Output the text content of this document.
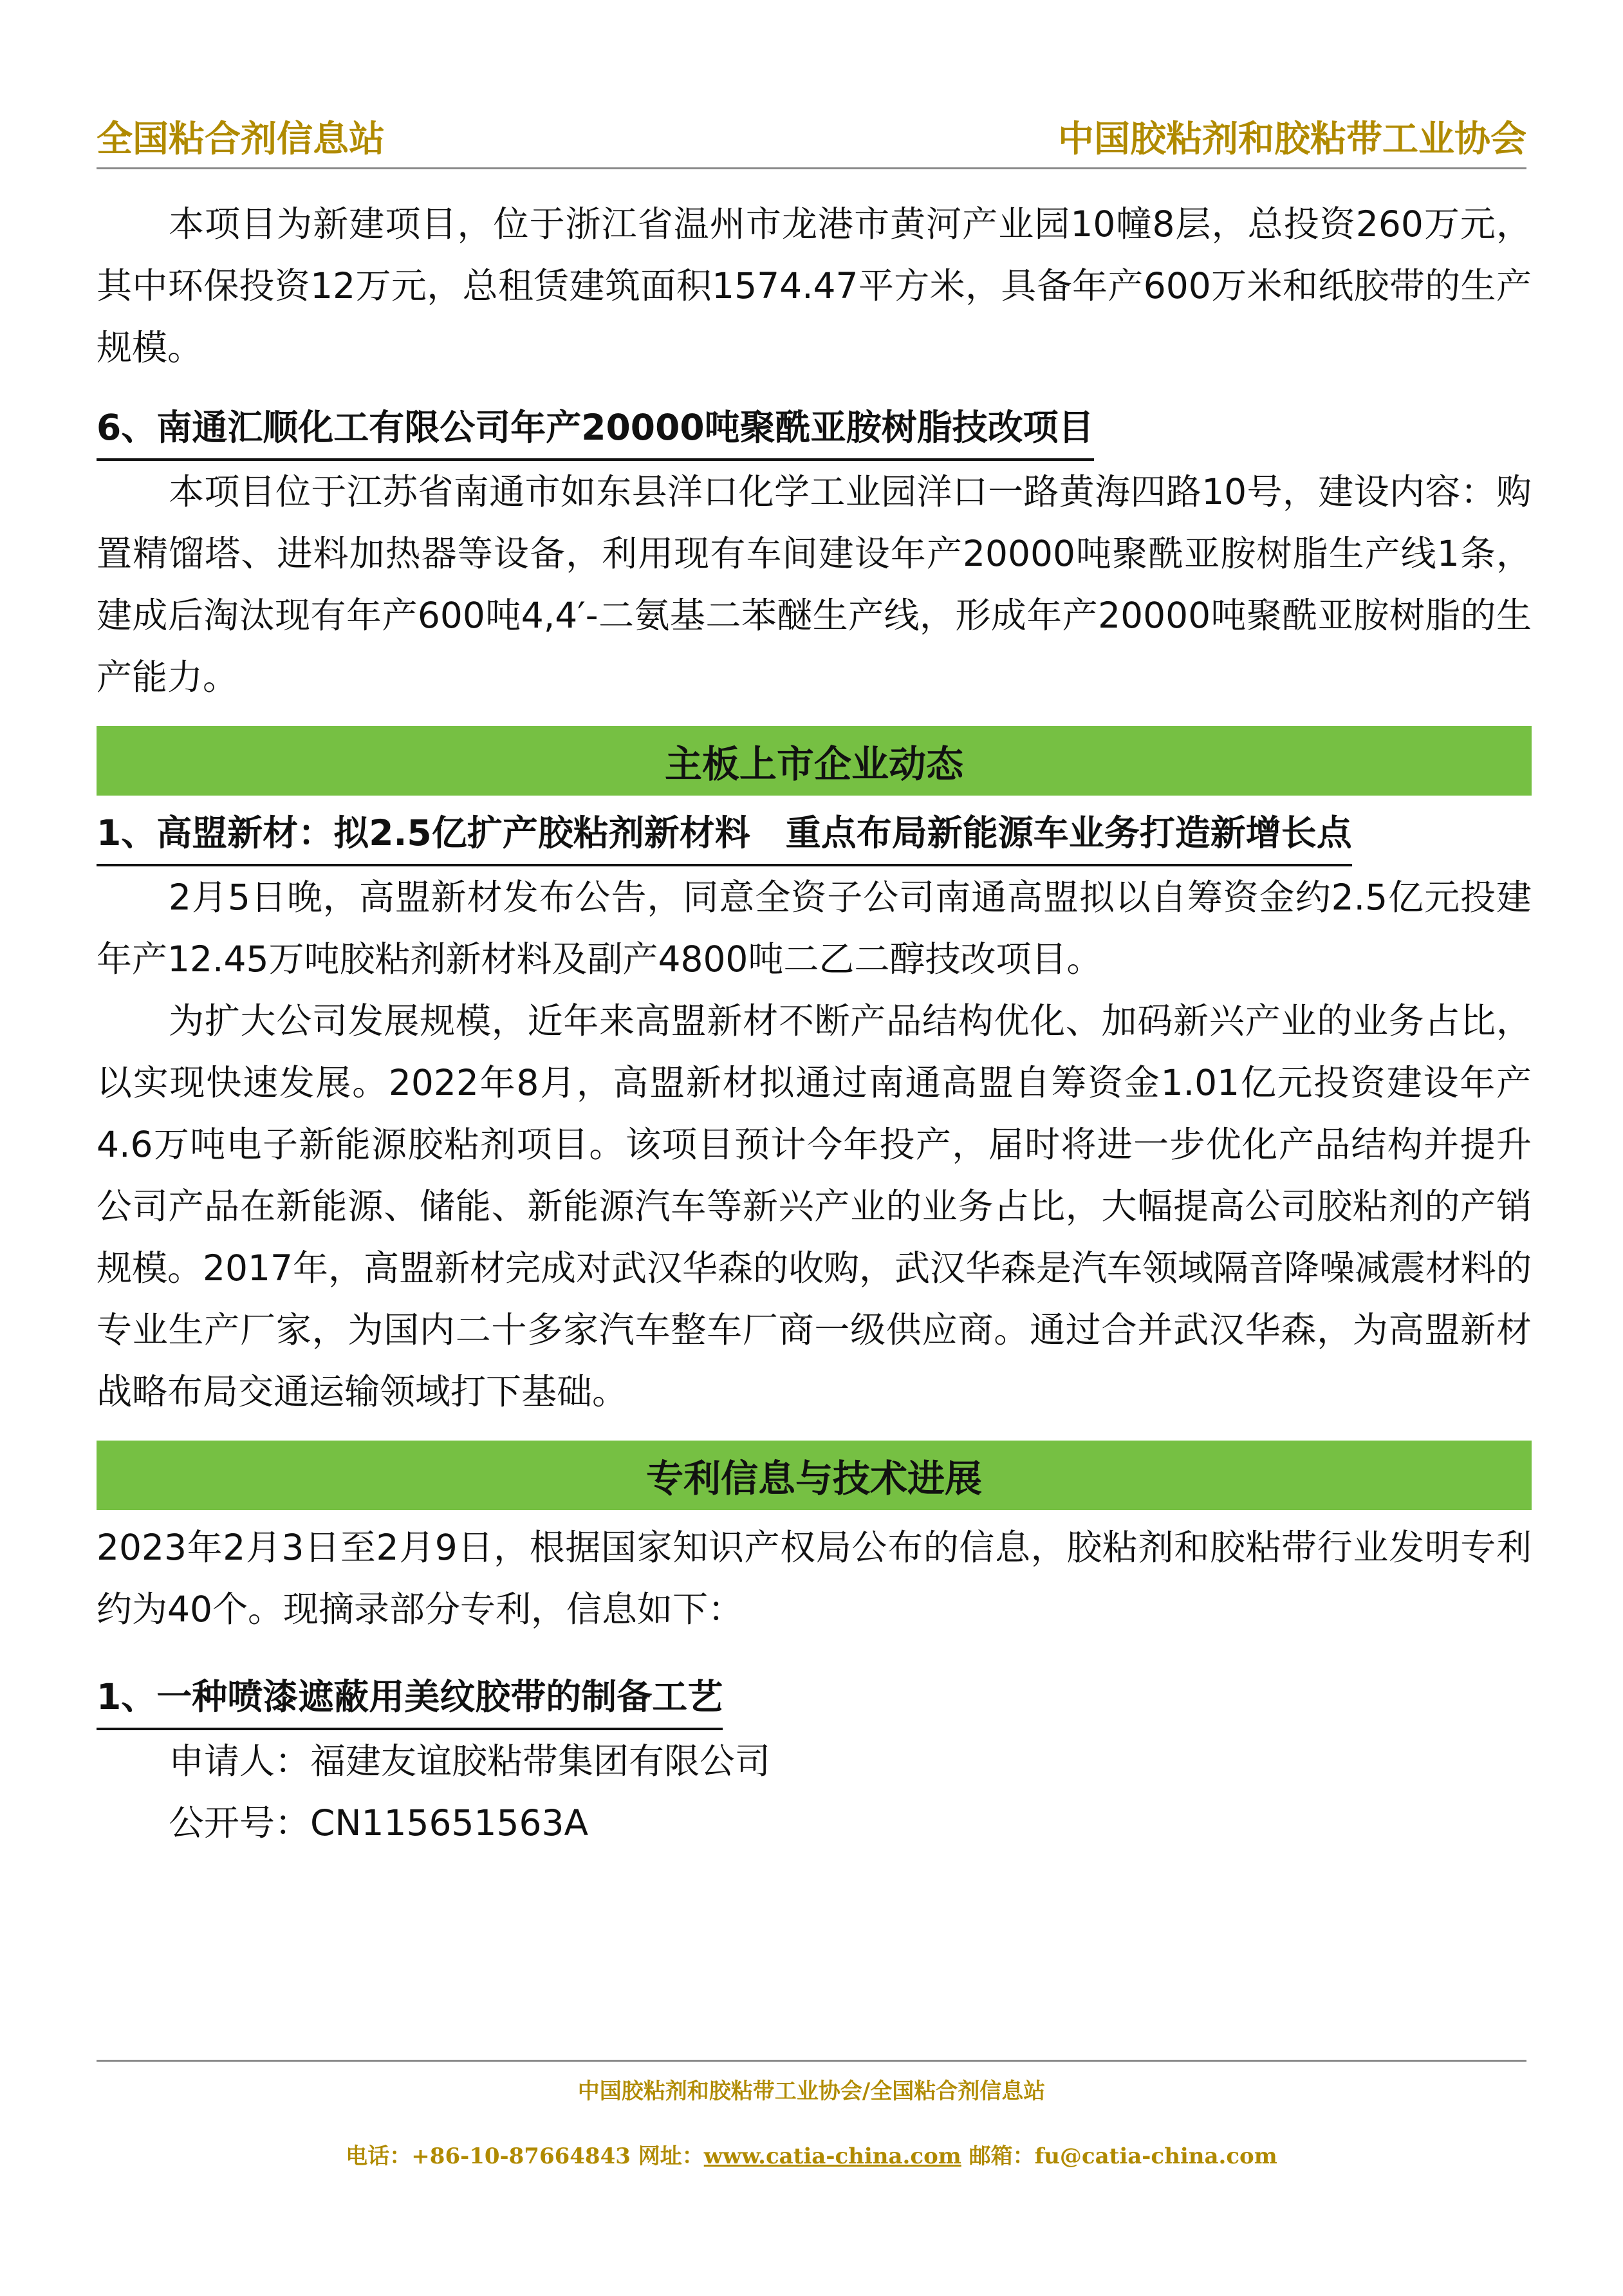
全国粘合剂信息站	中国胶粘剂和胶粘带工业协会

本项目为新建项目，位于浙江省温州市龙港市黄河产业园10幢8层，总投资260万元，其中环保投资12万元，总租赁建筑面积1574.47平方米，具备年产600万米和纸胶带的生产规模。

6、南通汇顺化工有限公司年产20000吨聚酰亚胺树脂技改项目

本项目位于江苏省南通市如东县洋口化学工业园洋口一路黄海四路10号，建设内容：购置精馏塔、进料加热器等设备，利用现有车间建设年产20000吨聚酰亚胺树脂生产线1条，建成后淘汰现有年产600吨4,4′-二氨基二苯醚生产线，形成年产20000吨聚酰亚胺树脂的生产能力。

主板上市企业动态

1、高盟新材：拟2.5亿扩产胶粘剂新材料　重点布局新能源车业务打造新增长点

2月5日晚，高盟新材发布公告，同意全资子公司南通高盟拟以自筹资金约2.5亿元投建年产12.45万吨胶粘剂新材料及副产4800吨二乙二醇技改项目。

为扩大公司发展规模，近年来高盟新材不断产品结构优化、加码新兴产业的业务占比，以实现快速发展。2022年8月，高盟新材拟通过南通高盟自筹资金1.01亿元投资建设年产4.6万吨电子新能源胶粘剂项目。该项目预计今年投产，届时将进一步优化产品结构并提升公司产品在新能源、储能、新能源汽车等新兴产业的业务占比，大幅提高公司胶粘剂的产销规模。2017年，高盟新材完成对武汉华森的收购，武汉华森是汽车领域隔音降噪减震材料的专业生产厂家，为国内二十多家汽车整车厂商一级供应商。通过合并武汉华森，为高盟新材战略布局交通运输领域打下基础。

专利信息与技术进展

2023年2月3日至2月9日，根据国家知识产权局公布的信息，胶粘剂和胶粘带行业发明专利约为40个。现摘录部分专利，信息如下：

1、一种喷漆遮蔽用美纹胶带的制备工艺

申请人：福建友谊胶粘带集团有限公司

公开号：CN115651563A

中国胶粘剂和胶粘带工业协会/全国粘合剂信息站
电话：+86-10-87664843 网址：www.catia-china.com 邮箱：fu@catia-china.com
